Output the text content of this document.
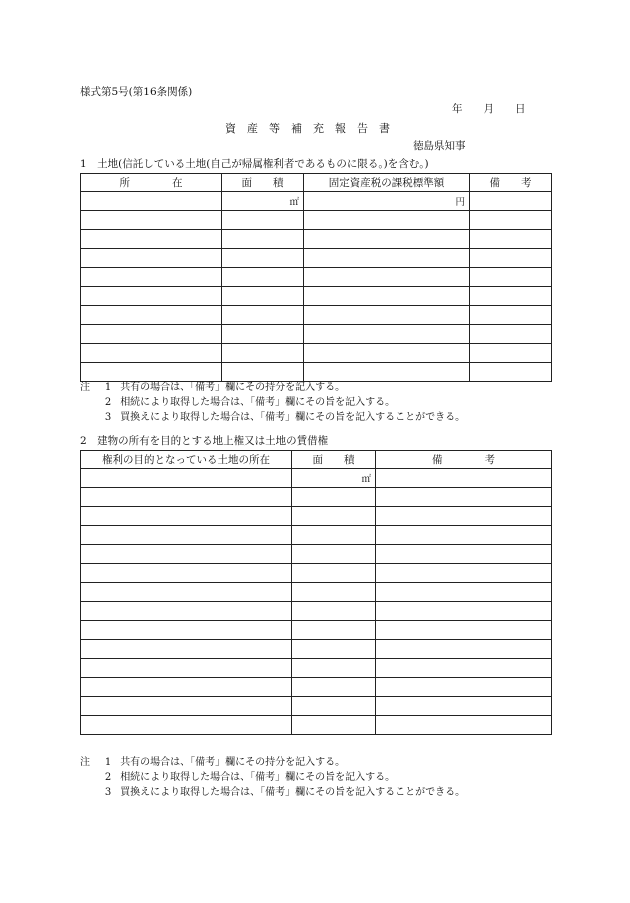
様式第5号(第16条関係)
年　　月　　日
資　産　等　補　充　報　告　書
徳島県知事
1　土地(信託している土地(自己が帰属権利者であるものに限る。)を含む。)
所　　　　在	面　　積	固定資産税の課税標準額	備　　考
	㎡	円	

注 1 共有の場合は、「備考」欄にその持分を記入する。
2 相続により取得した場合は、「備考」欄にその旨を記入する。
3 買換えにより取得した場合は、「備考」欄にその旨を記入することができる。
2　建物の所有を目的とする地上権又は土地の賃借権
権利の目的となっている土地の所在	面　　積	備　　　　考
	㎡	

注 1 共有の場合は、「備考」欄にその持分を記入する。
2 相続により取得した場合は、「備考」欄にその旨を記入する。
3 買換えにより取得した場合は、「備考」欄にその旨を記入することができる。
